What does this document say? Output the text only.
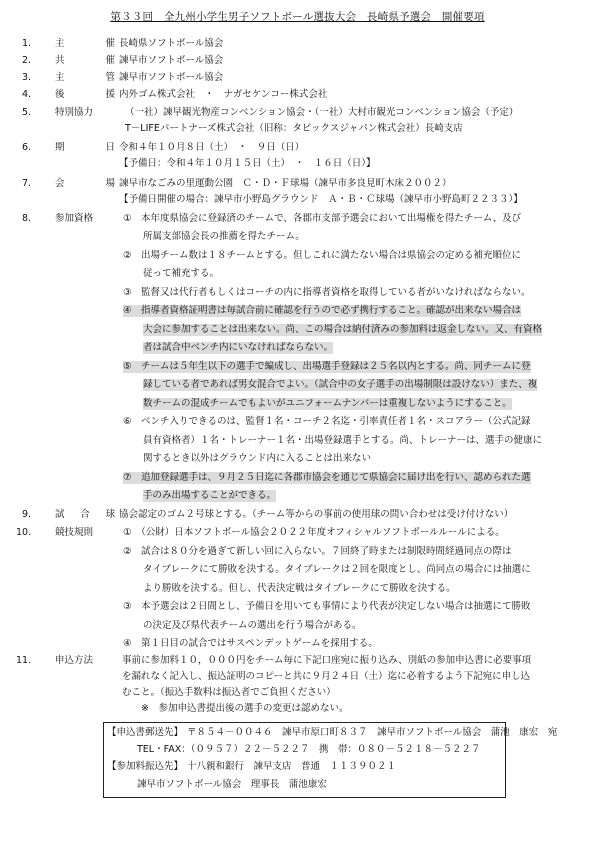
第３３回　全九州小学生男子ソフトボール選抜大会　長崎県予選会　開催要項
1.	主	催 長崎県ソフトボール協会
2.	共	催 諫早市ソフトボール協会
3.	主	管 諫早市ソフトボール協会
4.	後	援 内外ゴム株式会社　・　ナガセケンコー株式会社
5.	特別協力	（一社）諫早観光物産コンベンション協会・（一社）大村市観光コンベンション協会（予定）
T－LIFEパートナーズ株式会社（旧称：タビックスジャパン株式会社）長崎支店
6.	期	日 令和４年１０月８日（土）　・　９日（日）
【予備日：令和４年１０月１５日（土）　・　１６日（日）】
7.	会	場 諫早市なごみの里運動公園　Ｃ・Ｄ・Ｆ球場（諫早市多良見町木床２００２）
【予備日開催の場合：諫早市小野島グラウンド　Ａ・Ｂ・Ｃ球場（諫早市小野島町２２３３）】
8.	参加資格	①　本年度県協会に登録済のチームで、各郡市支部予選会において出場権を得たチーム、及び
所属支部協会長の推薦を得たチーム。
②　出場チーム数は１８チームとする。但しこれに満たない場合は県協会の定める補充順位に
従って補充する。
③　監督又は代行者もしくはコーチの内に指導者資格を取得している者がいなければならない。
④　指導者資格証明書は毎試合前に確認を行うので必ず携行すること。確認が出来ない場合は
大会に参加することは出来ない。尚、この場合は納付済みの参加料は返金しない。又、有資格
者は試合中ベンチ内にいなければならない。
⑤　チームは５年生以下の選手で編成し、出場選手登録は２５名以内とする。尚、同チームに登
録している者であれば男女混合でよい。（試合中の女子選手の出場制限は設けない）また、複
数チームの混成チームでもよいがユニフォームナンバーは重複しないようにすること。
⑥　ベンチ入りできるのは、監督１名・コーチ２名迄・引率責任者１名・スコアラー（公式記録
員有資格者）１名・トレーナー１名・出場登録選手とする。尚、トレーナーは、選手の健康に
関するとき以外はグラウンド内に入ることは出来ない
⑦　追加登録選手は、９月２５日迄に各郡市協会を通じて県協会に届け出を行い、認められた選
手のみ出場することができる。
9.	試 合 球 協会認定のゴム２号球とする。（チーム等からの事前の使用球の問い合わせは受け付けない）
10.	競技規則	①　（公財）日本ソフトボール協会２０２２年度オフィシャルソフトボールルールによる。
②　試合は８０分を過ぎて新しい回に入らない。７回終了時または制限時間経過同点の際は
タイブレークにて勝敗を決する。タイブレークは２回を限度とし、尚同点の場合には抽選に
より勝敗を決する。但し、代表決定戦はタイブレークにて勝敗を決する。
③　本予選会は２日間とし、予備日を用いても事情により代表が決定しない場合は抽選にて勝敗
の決定及び県代表チームの選出を行う場合がある。
④　第１日目の試合ではサスペンデットゲームを採用する。
11.	申込方法	事前に参加料１０，０００円をチーム毎に下記口座宛に振り込み、別紙の参加申込書に必要事項
を漏れなく記入し、振込証明のコピーと共に９月２４日（土）迄に必着するよう下記宛に申し込
むこと。（振込手数料は振込者でご負担ください）
※　参加申込書提出後の選手の変更は認めない。
【申込書郵送先】 〒８５４－００４６　諫早市原口町８３７　諫早市ソフトボール協会　蒲池　康宏　宛
TEL・FAX：（０９５７）２２－５２２７　携　帯：０８０－５２１８－５２２７
【参加料振込先】 十八親和銀行　諫早支店　普通　１１３９０２１
諫早市ソフトボール協会　理事長　蒲池康宏
